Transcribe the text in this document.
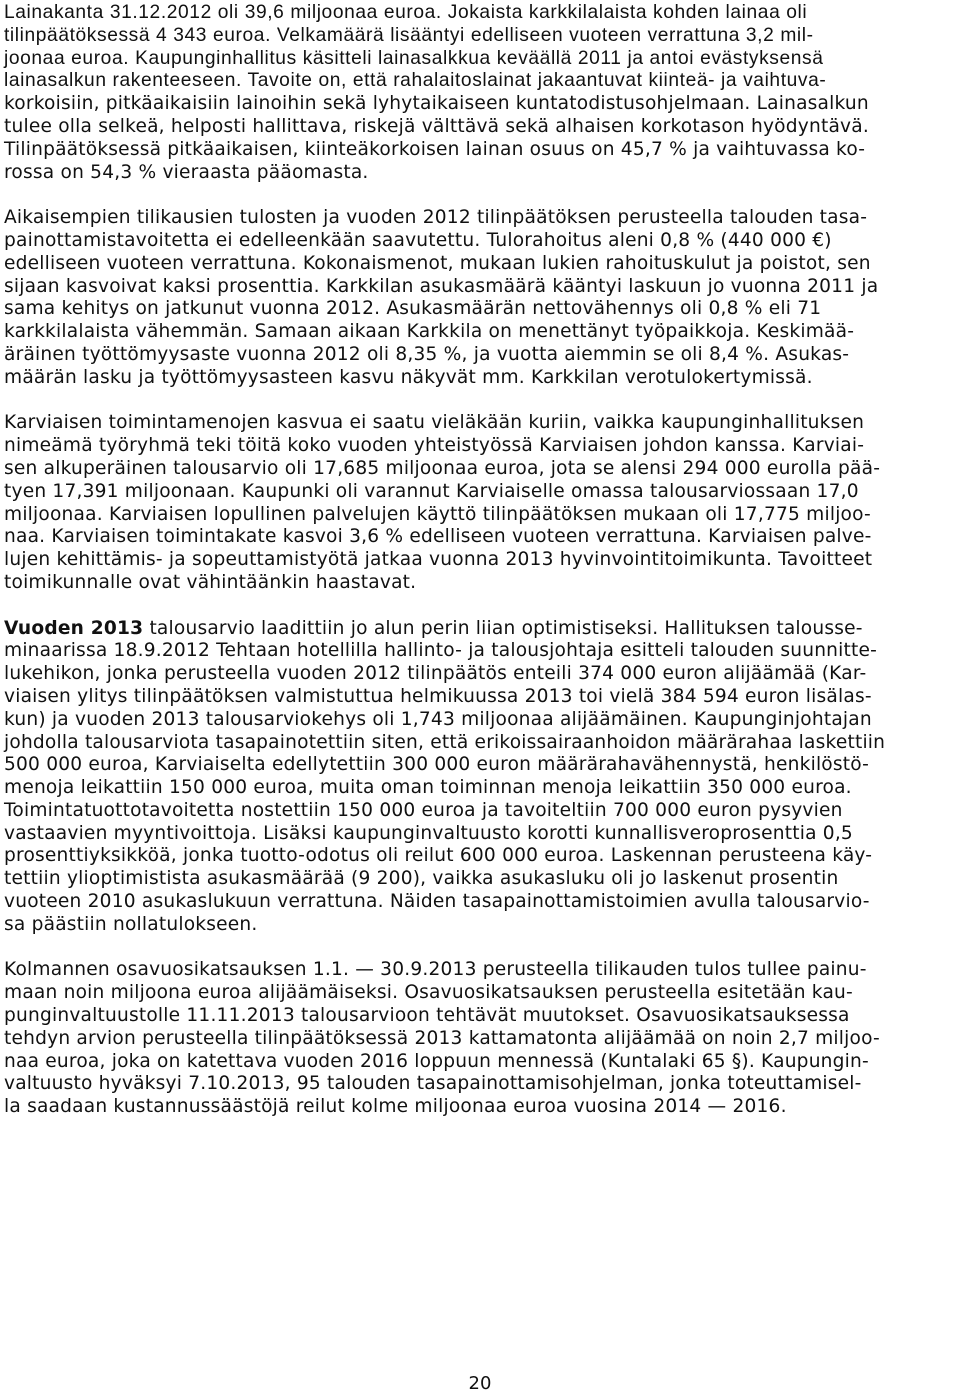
Lainakanta 31.12.2012 oli 39,6 miljoonaa euroa. Jokaista karkkilalaista kohden lainaa oli
tilinpäätöksessä 4 343 euroa. Velkamäärä lisääntyi edelliseen vuoteen verrattuna 3,2 mil-
joonaa euroa. Kaupunginhallitus käsitteli lainasalkkua keväällä 2011 ja antoi evästyksensä
lainasalkun rakenteeseen. Tavoite on, että rahalaitoslainat jakaantuvat kiinteä- ja vaihtuva-

korkoisiin, pitkäaikaisiin lainoihin sekä lyhytaikaiseen kuntatodistusohjelmaan. Lainasalkun
tulee olla selkeä, helposti hallittava, riskejä välttävä sekä alhaisen korkotason hyödyntävä.
Tilinpäätöksessä pitkäaikaisen, kiinteäkorkoisen lainan osuus on 45,7 % ja vaihtuvassa ko-
rossa on 54,3 % vieraasta pääomasta.

Aikaisempien tilikausien tulosten ja vuoden 2012 tilinpäätöksen perusteella talouden tasa-
painottamistavoitetta ei edelleenkään saavutettu. Tulorahoitus aleni 0,8 % (440 000 €)
edelliseen vuoteen verrattuna. Kokonaismenot, mukaan lukien rahoituskulut ja poistot, sen
sijaan kasvoivat kaksi prosenttia. Karkkilan asukasmäärä kääntyi laskuun jo vuonna 2011 ja
sama kehitys on jatkunut vuonna 2012. Asukasmäärän nettovähennys oli 0,8 % eli 71
karkkilalaista vähemmän. Samaan aikaan Karkkila on menettänyt työpaikkoja. Keskimää-
äräinen työttömyysaste vuonna 2012 oli 8,35 %, ja vuotta aiemmin se oli 8,4 %. Asukas-
määrän lasku ja työttömyysasteen kasvu näkyvät mm. Karkkilan verotulokertymissä.

Karviaisen toimintamenojen kasvua ei saatu vieläkään kuriin, vaikka kaupunginhallituksen
nimeämä työryhmä teki töitä koko vuoden yhteistyössä Karviaisen johdon kanssa. Karviai-
sen alkuperäinen talousarvio oli 17,685 miljoonaa euroa, jota se alensi 294 000 eurolla pää-
tyen 17,391 miljoonaan. Kaupunki oli varannut Karviaiselle omassa talousarviossaan 17,0
miljoonaa. Karviaisen lopullinen palvelujen käyttö tilinpäätöksen mukaan oli 17,775 miljoo-
naa. Karviaisen toimintakate kasvoi 3,6 % edelliseen vuoteen verrattuna. Karviaisen palve-
lujen kehittämis- ja sopeuttamistyötä jatkaa vuonna 2013 hyvinvointitoimikunta. Tavoitteet
toimikunnalle ovat vähintäänkin haastavat.

Vuoden 2013 talousarvio laadittiin jo alun perin liian optimistiseksi. Hallituksen talousse-
minaarissa 18.9.2012 Tehtaan hotellilla hallinto- ja talousjohtaja esitteli talouden suunnitte-
lukehikon, jonka perusteella vuoden 2012 tilinpäätös enteili 374 000 euron alijäämää (Kar-
viaisen ylitys tilinpäätöksen valmistuttua helmikuussa 2013 toi vielä 384 594 euron lisälas-
kun) ja vuoden 2013 talousarviokehys oli 1,743 miljoonaa alijäämäinen. Kaupunginjohtajan
johdolla talousarviota tasapainotettiin siten, että erikoissairaanhoidon määrärahaa laskettiin
500 000 euroa, Karviaiselta edellytettiin 300 000 euron määrärahavähennystä, henkilöstö-
menoja leikattiin 150 000 euroa, muita oman toiminnan menoja leikattiin 350 000 euroa.
Toimintatuottotavoitetta nostettiin 150 000 euroa ja tavoiteltiin 700 000 euron pysyvien
vastaavien myyntivoittoja. Lisäksi kaupunginvaltuusto korotti kunnallisveroprosenttia 0,5
prosenttiyksikköä, jonka tuotto-odotus oli reilut 600 000 euroa. Laskennan perusteena käy-
tettiin ylioptimistista asukasmäärää (9 200), vaikka asukasluku oli jo laskenut prosentin
vuoteen 2010 asukaslukuun verrattuna. Näiden tasapainottamistoimien avulla talousarvio-
sa päästiin nollatulokseen.

Kolmannen osavuosikatsauksen 1.1. — 30.9.2013 perusteella tilikauden tulos tullee painu-
maan noin miljoona euroa alijäämäiseksi. Osavuosikatsauksen perusteella esitetään kau-
punginvaltuustolle 11.11.2013 talousarvioon tehtävät muutokset. Osavuosikatsauksessa
tehdyn arvion perusteella tilinpäätöksessä 2013 kattamatonta alijäämää on noin 2,7 miljoo-
naa euroa, joka on katettava vuoden 2016 loppuun mennessä (Kuntalaki 65 §). Kaupungin-
valtuusto hyväksyi 7.10.2013, 95 talouden tasapainottamisohjelman, jonka toteuttamisel-
la saadaan kustannussäästöjä reilut kolme miljoonaa euroa vuosina 2014 — 2016.

20
